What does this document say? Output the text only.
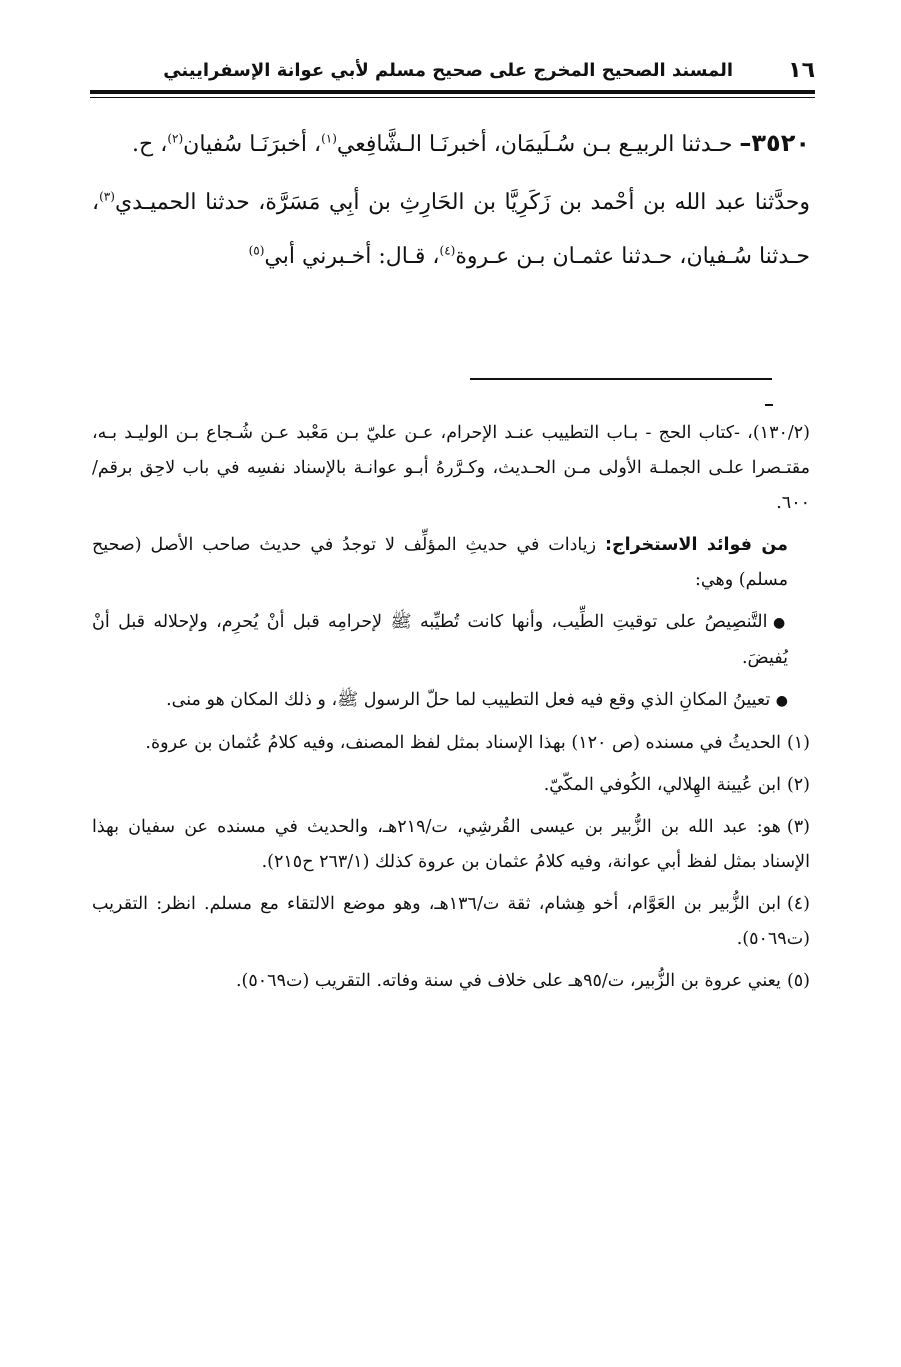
١٦
المسند الصحيح المخرج على صحيح مسلم لأبي عوانة الإسفراييني

٣٥٢٠– حـدثنا الربيـع بـن سُـلَيمَان، أخبرنَـا الـشَّافِعي$^{(١)}$، أخبرَنَـا سُفيان$^{(٢)}$، ح.

وحدَّثنا عبد الله بن أحْمد بن زَكَرِيَّا بن الحَارِثِ بن أبِي مَسَرَّة، حدثنا الحميـدي$^{(٣)}$، حـدثنا سُـفيان، حـدثنا عثمـان بـن عـروة$^{(٤)}$، قـال: أخـبرني أبي$^{(٥)}$

(١٣٠/٢)، -كتاب الحج - بـاب التطييب عنـد الإحرام، عـن عليّ بـن مَعْبد عـن شُـجاع بـن الوليـد بـه، مقتـصرا علـى الجملـة الأولى مـن الحـديث، وكـرَّرهُ أبـو عوانـة بالإسناد نفسِه في باب لاحِق برقم/٦٠٠.

من فوائد الاستخراج: زيادات في حديثِ المؤلِّف لا توجدُ في حديث صاحب الأصل (صحيح مسلم) وهي:

● التَّنصِيصُ على توقيتِ الطِّيب، وأنها كانت تُطيِّبه ﷺ لإحرامِه قبل أنْ يُحرِم، ولإحلاله قبل أنْ يُفيضَ.

● تعيينُ المكانِ الذي وقع فيه فعل التطييب لما حلّ الرسول ﷺ، و ذلك المكان هو منى.

(١)الحديثُ في مسنده (ص ١٢٠) بهذا الإسناد بمثل لفظ المصنف، وفيه كلامُ عُثمان بن عروة.

(٢)ابن عُيينة الهِلالي، الكُوفي المكّيّ.

(٣)هو: عبد الله بن الزُّبير بن عيسى القُرشِي، ت/٢١٩هـ، والحديث في مسنده عن سفيان بهذا الإسناد بمثل لفظ أبي عوانة، وفيه كلامُ عثمان بن عروة كذلك (٢٦٣/١ ح٢١٥).

(٤)ابن الزُّبير بن العَوَّام، أخو هِشام، ثقة ت/١٣٦هـ، وهو موضع الالتقاء مع مسلم. انظر: التقريب (ت٥٠٦٩).

(٥)يعني عروة بن الزُّبير، ت/٩٥هـ على خلاف في سنة وفاته. التقريب (ت٥٠٦٩).
